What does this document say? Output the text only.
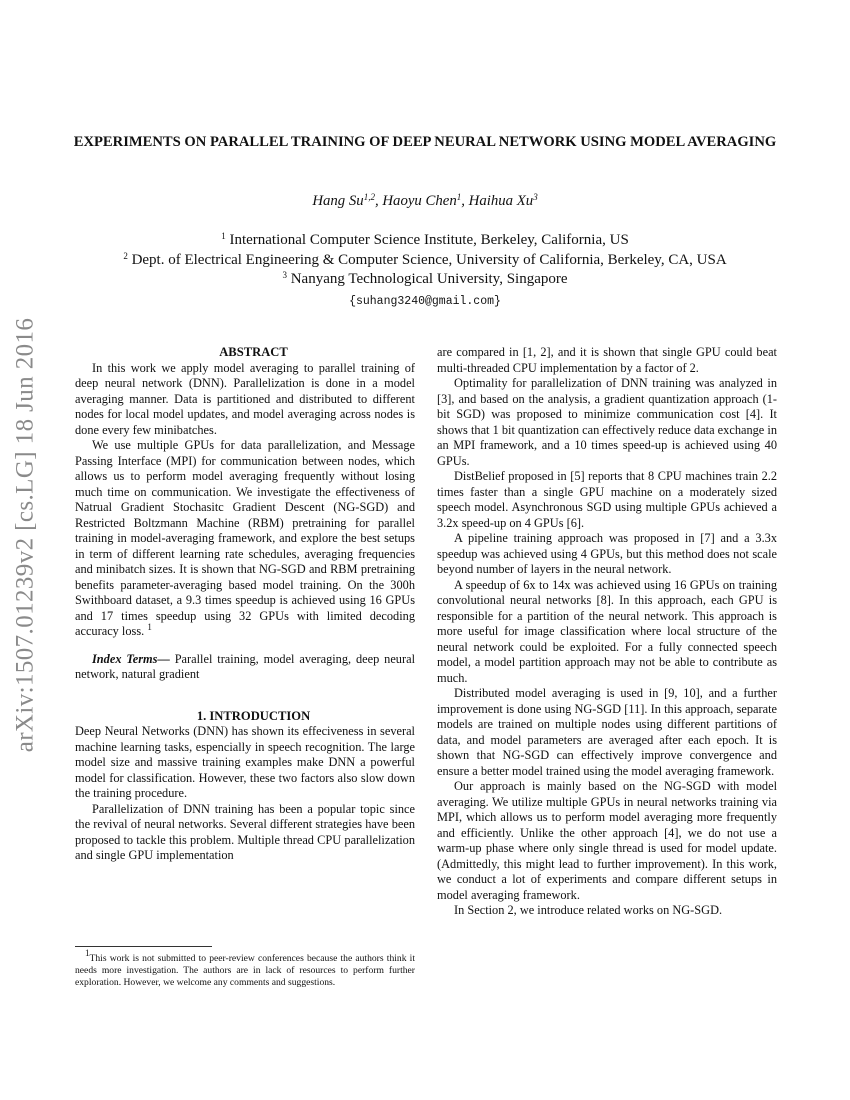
arXiv:1507.01239v2 [cs.LG] 18 Jun 2016
EXPERIMENTS ON PARALLEL TRAINING OF DEEP NEURAL NETWORK USING MODEL AVERAGING
Hang Su$^{1,2}$, Haoyu Chen$^1$, Haihua Xu$^3$
$^1$ International Computer Science Institute, Berkeley, California, US
$^2$ Dept. of Electrical Engineering & Computer Science, University of California, Berkeley, CA, USA
$^3$ Nanyang Technological University, Singapore
{suhang3240@gmail.com}

ABSTRACT

In this work we apply model averaging to parallel training of deep neural network (DNN). Parallelization is done in a model averaging manner. Data is partitioned and distributed to different nodes for local model updates, and model averaging across nodes is done every few minibatches.

We use multiple GPUs for data parallelization, and Message Passing Interface (MPI) for communication between nodes, which allows us to perform model averaging frequently without losing much time on communication. We investigate the effectiveness of Natrual Gradient Stochasitc Gradient Descent (NG-SGD) and Restricted Boltzmann Machine (RBM) pretraining for parallel training in model-averaging framework, and explore the best setups in term of different learning rate schedules, averaging frequencies and minibatch sizes. It is shown that NG-SGD and RBM pretraining benefits parameter-averaging based model training. On the 300h Swithboard dataset, a 9.3 times speedup is achieved using 16 GPUs and 17 times speedup using 32 GPUs with limited decoding accuracy loss. $^1$

Index Terms— Parallel training, model averaging, deep neural network, natural gradient

1. INTRODUCTION

Deep Neural Networks (DNN) has shown its effeciveness in several machine learning tasks, espencially in speech recognition. The large model size and massive training examples make DNN a powerful model for classification. However, these two factors also slow down the training procedure.

Parallelization of DNN training has been a popular topic since the revival of neural networks. Several different strategies have been proposed to tackle this problem. Multiple thread CPU parallelization and single GPU implementation

$^1$This work is not submitted to peer-review conferences because the authors think it needs more investigation. The authors are in lack of resources to perform further exploration. However, we welcome any comments and suggestions.

are compared in [1, 2], and it is shown that single GPU could beat multi-threaded CPU implementation by a factor of 2.

Optimality for parallelization of DNN training was analyzed in [3], and based on the analysis, a gradient quantization approach (1-bit SGD) was proposed to minimize communication cost [4]. It shows that 1 bit quantization can effectively reduce data exchange in an MPI framework, and a 10 times speed-up is achieved using 40 GPUs.

DistBelief proposed in [5] reports that 8 CPU machines train 2.2 times faster than a single GPU machine on a moderately sized speech model. Asynchronous SGD using multiple GPUs achieved a 3.2x speed-up on 4 GPUs [6].

A pipeline training approach was proposed in [7] and a 3.3x speedup was achieved using 4 GPUs, but this method does not scale beyond number of layers in the neural network.

A speedup of 6x to 14x was achieved using 16 GPUs on training convolutional neural networks [8]. In this approach, each GPU is responsible for a partition of the neural network. This approach is more useful for image classification where local structure of the neural network could be exploited. For a fully connected speech model, a model partition approach may not be able to contribute as much.

Distributed model averaging is used in [9, 10], and a further improvement is done using NG-SGD [11]. In this approach, separate models are trained on multiple nodes using different partitions of data, and model parameters are averaged after each epoch. It is shown that NG-SGD can effectively improve convergence and ensure a better model trained using the model averaging framework.

Our approach is mainly based on the NG-SGD with model averaging. We utilize multiple GPUs in neural networks training via MPI, which allows us to perform model averaging more frequently and efficiently. Unlike the other approach [4], we do not use a warm-up phase where only single thread is used for model update. (Admittedly, this might lead to further improvement). In this work, we conduct a lot of experiments and compare different setups in model averaging framework.

In Section 2, we introduce related works on NG-SGD.
